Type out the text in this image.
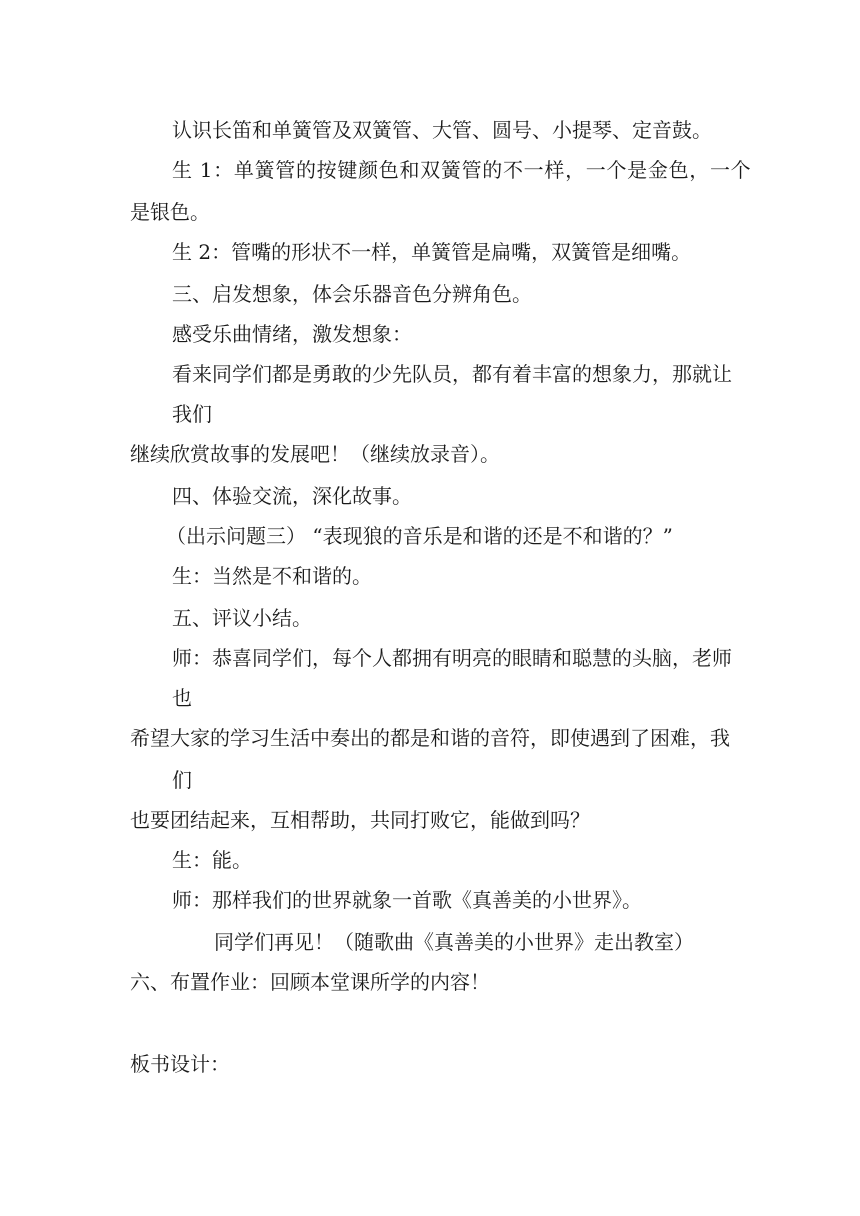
认识长笛和单簧管及双簧管、大管、圆号、小提琴、定音鼓。
生 1：单簧管的按键颜色和双簧管的不一样，一个是金色，一个
是银色。
生 2：管嘴的形状不一样，单簧管是扁嘴，双簧管是细嘴。
三、启发想象，体会乐器音色分辨角色。
感受乐曲情绪，激发想象：
看来同学们都是勇敢的少先队员，都有着丰富的想象力，那就让
我们
继续欣赏故事的发展吧！（继续放录音）。
四、体验交流，深化故事。
（出示问题三） “表现狼的音乐是和谐的还是不和谐的？”
生：当然是不和谐的。
五、评议小结。
师：恭喜同学们，每个人都拥有明亮的眼睛和聪慧的头脑，老师
也
希望大家的学习生活中奏出的都是和谐的音符，即使遇到了困难，我
们
也要团结起来，互相帮助，共同打败它，能做到吗？
生：能。
师：那样我们的世界就象一首歌《真善美的小世界》。
同学们再见！（随歌曲《真善美的小世界》走出教室）
六、布置作业：回顾本堂课所学的内容！
板书设计：
